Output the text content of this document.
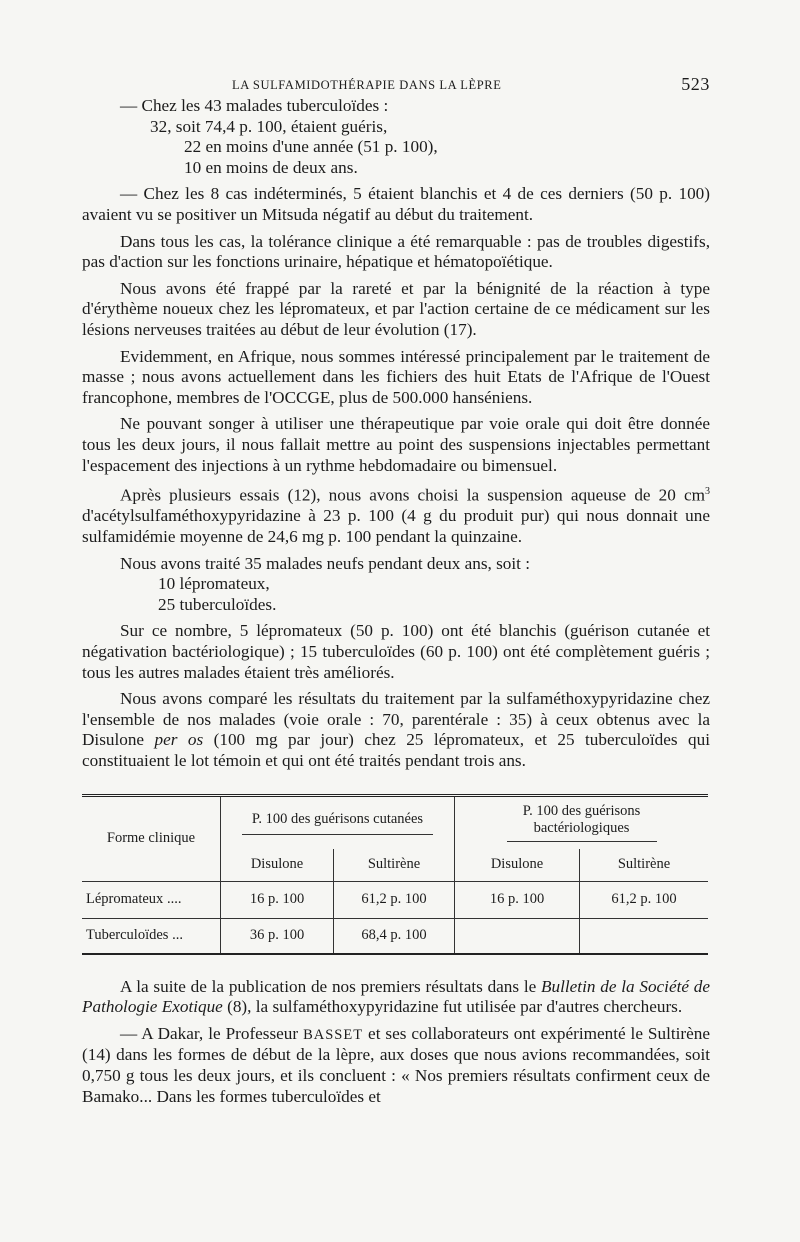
LA SULFAMIDOTHÉRAPIE DANS LA LÈPRE	523

— Chez les 43 malades tuberculoïdes :

32, soit 74,4 p. 100, étaient guéris,

22 en moins d'une année (51 p. 100),

10 en moins de deux ans.

— Chez les 8 cas indéterminés, 5 étaient blanchis et 4 de ces derniers (50 p. 100) avaient vu se positiver un Mitsuda négatif au début du traitement.

Dans tous les cas, la tolérance clinique a été remarquable : pas de troubles digestifs, pas d'action sur les fonctions urinaire, hépatique et hématopoïétique.

Nous avons été frappé par la rareté et par la bénignité de la réaction à type d'érythème noueux chez les lépromateux, et par l'action certaine de ce médicament sur les lésions nerveuses traitées au début de leur évolution (17).

Evidemment, en Afrique, nous sommes intéressé principalement par le traitement de masse ; nous avons actuellement dans les fichiers des huit Etats de l'Afrique de l'Ouest francophone, membres de l'OCCGE, plus de 500.000 hanséniens.

Ne pouvant songer à utiliser une thérapeutique par voie orale qui doit être donnée tous les deux jours, il nous fallait mettre au point des suspensions injectables permettant l'espacement des injections à un rythme hebdomadaire ou bimensuel.

Après plusieurs essais (12), nous avons choisi la suspension aqueuse de 20 $cm^3$ d'acétylsulfaméthoxypyridazine à 23 p. 100 (4 g du produit pur) qui nous donnait une sulfamidémie moyenne de 24,6 mg p. 100 pendant la quinzaine.

Nous avons traité 35 malades neufs pendant deux ans, soit :

10 lépromateux,

25 tuberculoïdes.

Sur ce nombre, 5 lépromateux (50 p. 100) ont été blanchis (guérison cutanée et négativation bactériologique) ; 15 tuberculoïdes (60 p. 100) ont été complètement guéris ; tous les autres malades étaient très améliorés.

Nous avons comparé les résultats du traitement par la sulfaméthoxypyridazine chez l'ensemble de nos malades (voie orale : 70, parentérale : 35) à ceux obtenus avec la Disulone per os (100 mg par jour) chez 25 lépromateux, et 25 tuberculoïdes qui constituaient le lot témoin et qui ont été traités pendant trois ans.

Forme clinique	P. 100 des guérisons cutanées		P. 100 des guérisons bactériologiques	
	Disulone	Sultirène	Disulone	Sultirène
Lépromateux ....	16 p. 100	61,2 p. 100	16 p. 100	61,2 p. 100
Tuberculoïdes ...	36 p. 100	68,4 p. 100		

A la suite de la publication de nos premiers résultats dans le Bulletin de la Société de Pathologie Exotique (8), la sulfaméthoxypyridazine fut utilisée par d'autres chercheurs.

— A Dakar, le Professeur BASSET et ses collaborateurs ont expérimenté le Sultirène (14) dans les formes de début de la lèpre, aux doses que nous avions recommandées, soit 0,750 g tous les deux jours, et ils concluent : « Nos premiers résultats confirment ceux de Bamako... Dans les formes tuberculoïdes et
